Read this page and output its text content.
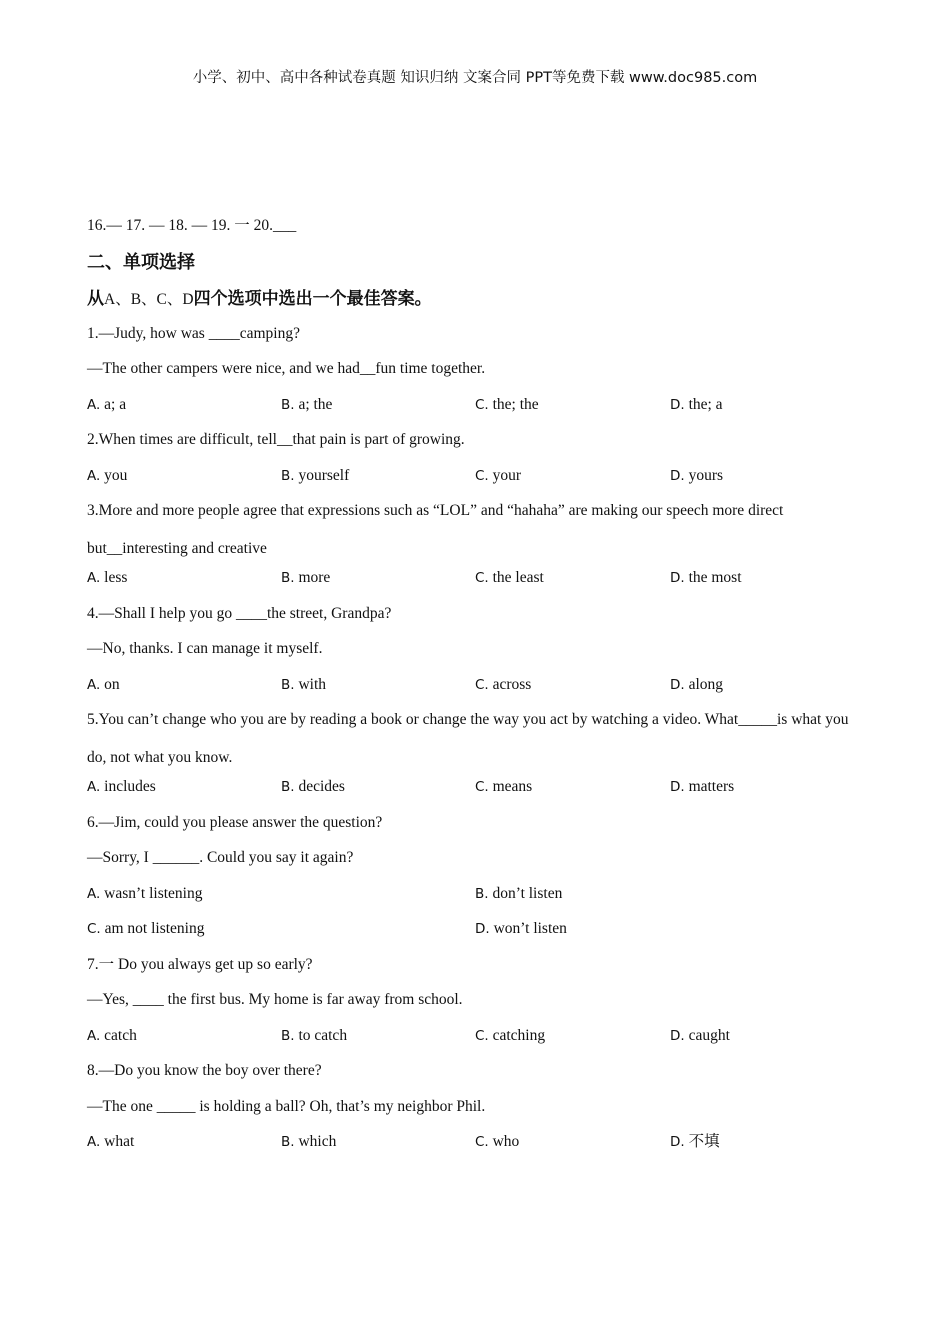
小学、初中、高中各种试卷真题 知识归纳 文案合同 PPT等免费下载 www.doc985.com
16.— 17. — 18. — 19. 一 20.___
二、单项选择
从A、B、C、D四个选项中选出一个最佳答案。
1.—Judy, how was ____camping?
—The other campers were nice, and we had__fun time together.
A. a; a	B. a; the	C. the; the	D. the; a
2.When times are difficult, tell__that pain is part of growing.
A. you	B. yourself	C. your	D. yours
3.More and more people agree that expressions such as “LOL” and “hahaha” are making our speech more direct but__interesting and creative
A. less	B. more	C. the least	D. the most
4.—Shall I help you go ____the street, Grandpa?
—No, thanks. I can manage it myself.
A. on	B. with	C. across	D. along
5.You can’t change who you are by reading a book or change the way you act by watching a video. What_____is what you do, not what you know.
A. includes	B. decides	C. means	D. matters
6.—Jim, could you please answer the question?
—Sorry, I ______. Could you say it again?
A. wasn’t listening	B. don’t listen
C. am not listening	D. won’t listen
7.一 Do you always get up so early?
—Yes, ____ the first bus. My home is far away from school.
A. catch	B. to catch	C. catching	D. caught
8.—Do you know the boy over there?
—The one _____ is holding a ball? Oh, that’s my neighbor Phil.
A. what	B. which	C. who	D. 不填
